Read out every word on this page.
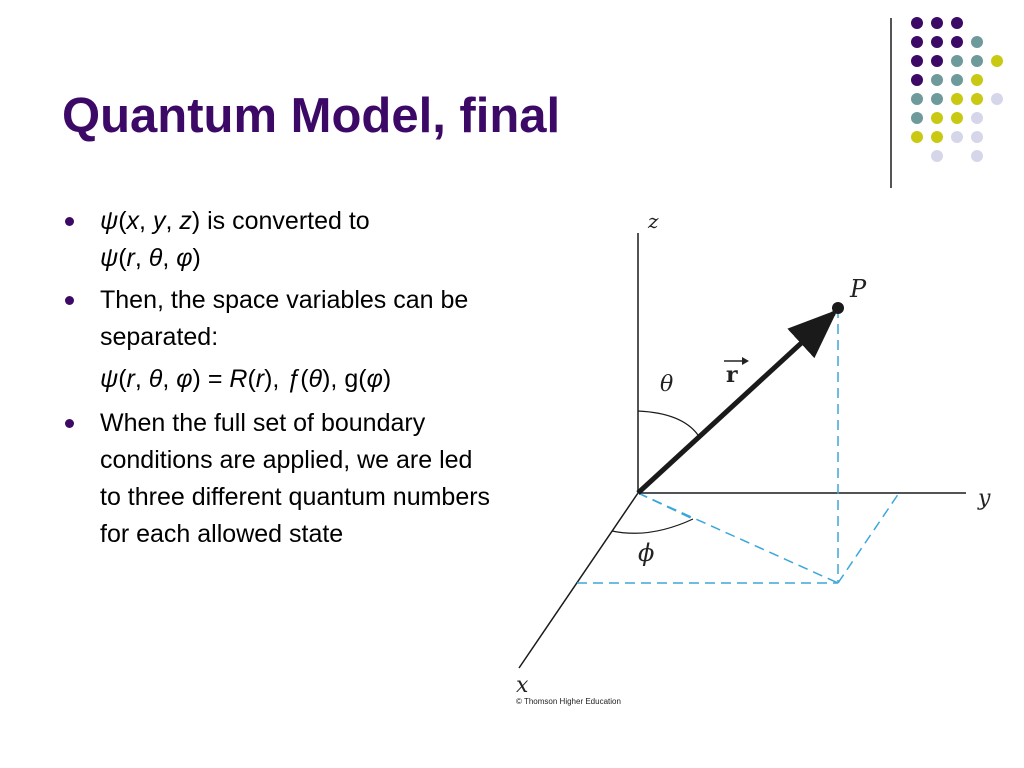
Quantum Model, final
ψ(x, y, z) is converted to
ψ(r, θ, φ)
Then, the space variables can be separated:
ψ(r, θ, φ) = R(r), ƒ(θ), g(φ)
When the full set of boundary conditions are applied, we are led to three different quantum numbers for each allowed state
z
y
x
P
θ
ϕ
r
© Thomson Higher Education
